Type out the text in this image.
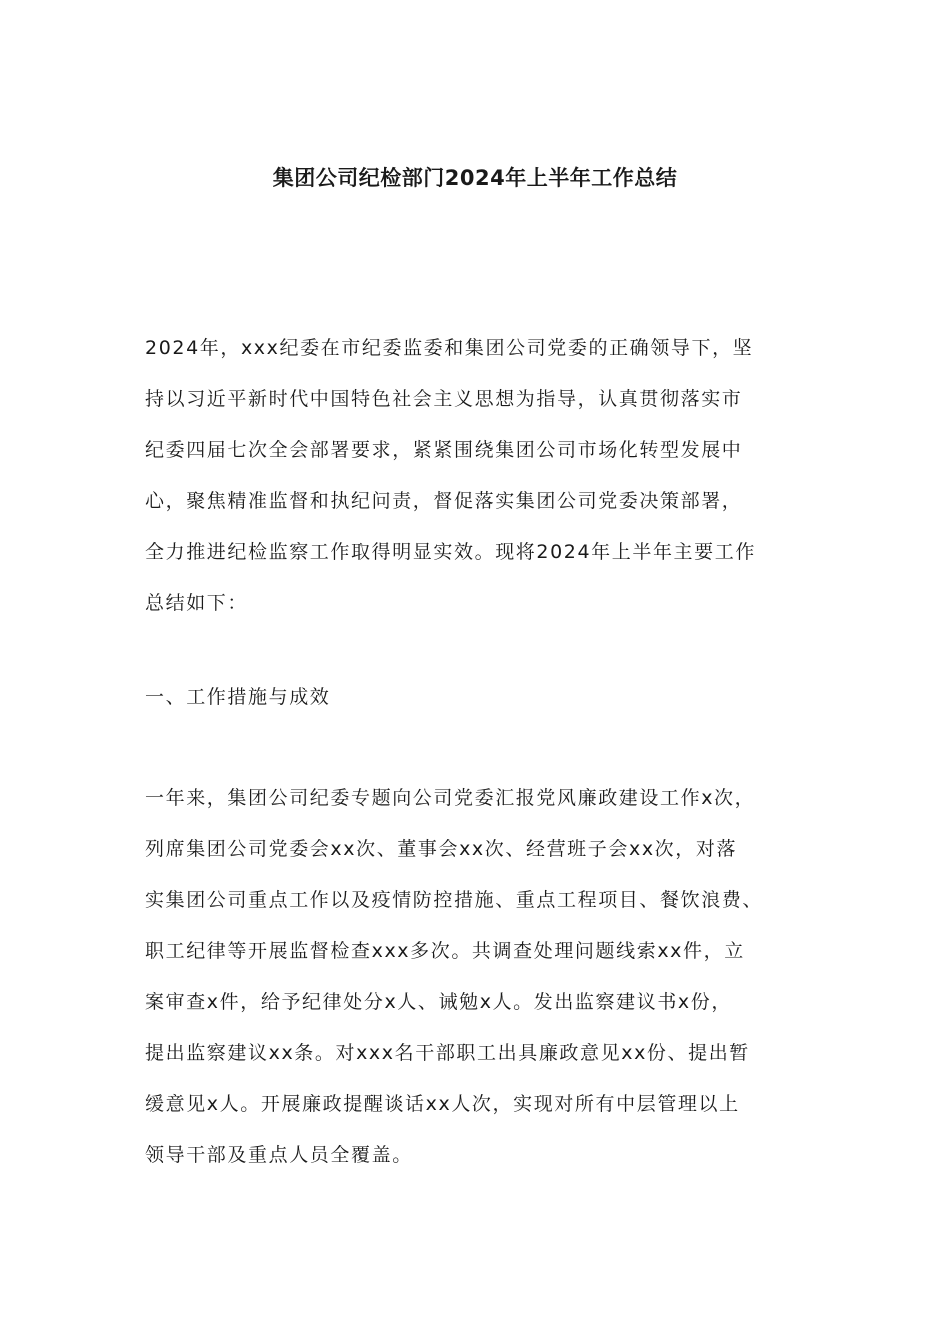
集团公司纪检部门2024年上半年工作总结
2024年，xxx纪委在市纪委监委和集团公司党委的正确领导下，坚
持以习近平新时代中国特色社会主义思想为指导，认真贯彻落实市
纪委四届七次全会部署要求，紧紧围绕集团公司市场化转型发展中
心，聚焦精准监督和执纪问责，督促落实集团公司党委决策部署，
全力推进纪检监察工作取得明显实效。现将2024年上半年主要工作
总结如下：
一、工作措施与成效
一年来，集团公司纪委专题向公司党委汇报党风廉政建设工作x次，
列席集团公司党委会xx次、董事会xx次、经营班子会xx次，对落
实集团公司重点工作以及疫情防控措施、重点工程项目、餐饮浪费、
职工纪律等开展监督检查xxx多次。共调查处理问题线索xx件，立
案审查x件，给予纪律处分x人、诫勉x人。发出监察建议书x份，
提出监察建议xx条。对xxx名干部职工出具廉政意见xx份、提出暂
缓意见x人。开展廉政提醒谈话xx人次，实现对所有中层管理以上
领导干部及重点人员全覆盖。
